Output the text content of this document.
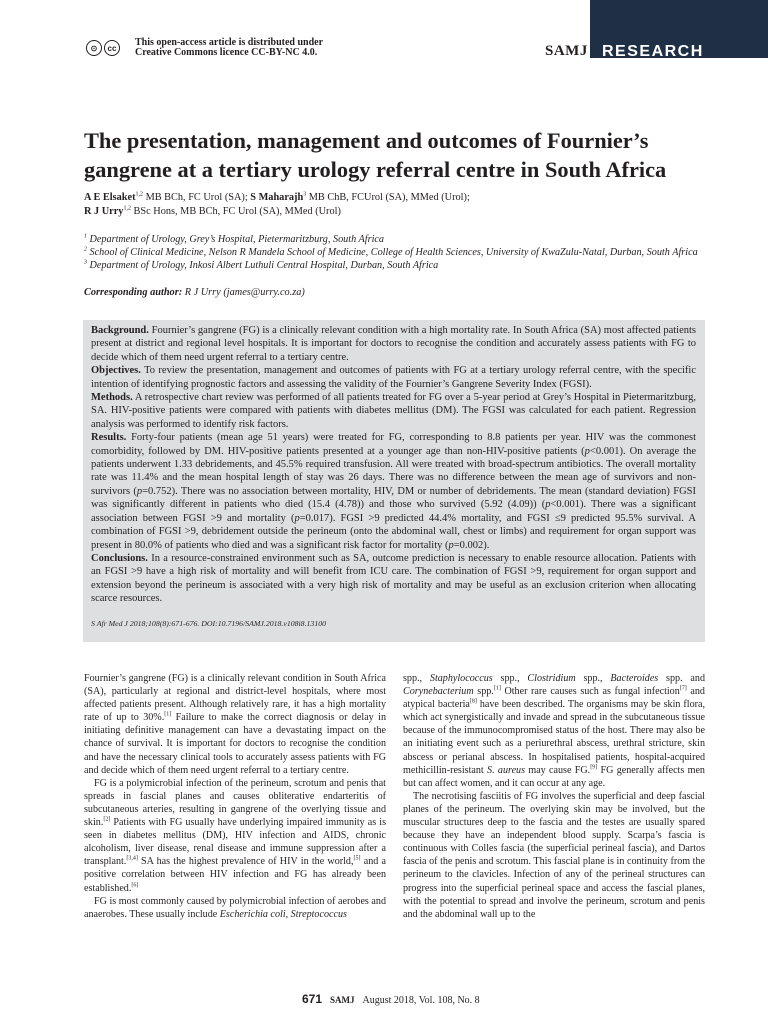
⊙	cc	This open-access article is distributed under
Creative Commons licence CC-BY-NC 4.0.	SAMJ RESEARCH
The presentation, management and outcomes of Fournier’s gangrene at a tertiary urology referral centre in South Africa
A E Elsaket$^{1,2}$ MB BCh, FC Urol (SA); S Maharajh$^3$ MB ChB, FCUrol (SA), MMed (Urol);
R J Urry$^{1,2}$ BSc Hons, MB BCh, FC Urol (SA), MMed (Urol)
$^1$ Department of Urology, Grey’s Hospital, Pietermaritzburg, South Africa
$^2$ School of Clinical Medicine, Nelson R Mandela School of Medicine, College of Health Sciences, University of KwaZulu-Natal, Durban, South Africa
$^3$ Department of Urology, Inkosi Albert Luthuli Central Hospital, Durban, South Africa
Corresponding author: R J Urry (james@urry.co.za)

Background. Fournier’s gangrene (FG) is a clinically relevant condition with a high mortality rate. In South Africa (SA) most affected patients present at district and regional level hospitals. It is important for doctors to recognise the condition and accurately assess patients with FG to decide which of them need urgent referral to a tertiary centre.

Objectives. To review the presentation, management and outcomes of patients with FG at a tertiary urology referral centre, with the specific intention of identifying prognostic factors and assessing the validity of the Fournier’s Gangrene Severity Index (FGSI).

Methods. A retrospective chart review was performed of all patients treated for FG over a 5-year period at Grey’s Hospital in Pietermaritzburg, SA. HIV-positive patients were compared with patients with diabetes mellitus (DM). The FGSI was calculated for each patient. Regression analysis was performed to identify risk factors.

Results. Forty-four patients (mean age 51 years) were treated for FG, corresponding to 8.8 patients per year. HIV was the commonest comorbidity, followed by DM. HIV-positive patients presented at a younger age than non-HIV-positive patients (p<0.001). On average the patients underwent 1.33 debridements, and 45.5% required transfusion. All were treated with broad-spectrum antibiotics. The overall mortality rate was 11.4% and the mean hospital length of stay was 26 days. There was no difference between the mean age of survivors and non-survivors (p=0.752). There was no association between mortality, HIV, DM or number of debridements. The mean (standard deviation) FGSI was significantly different in patients who died (15.4 (4.78)) and those who survived (5.92 (4.09)) (p<0.001). There was a significant association between FGSI >9 and mortality (p=0.017). FGSI >9 predicted 44.4% mortality, and FGSI ≤9 predicted 95.5% survival. A combination of FGSI >9, debridement outside the perineum (onto the abdominal wall, chest or limbs) and requirement for organ support was present in 80.0% of patients who died and was a significant risk factor for mortality (p=0.002).

Conclusions. In a resource-constrained environment such as SA, outcome prediction is necessary to enable resource allocation. Patients with an FGSI >9 have a high risk of mortality and will benefit from ICU care. The combination of FGSI >9, requirement for organ support and extension beyond the perineum is associated with a very high risk of mortality and may be useful as an exclusion criterion when allocating scarce resources.

S Afr Med J 2018;108(8):671-676. DOI:10.7196/SAMJ.2018.v108i8.13100

Fournier’s gangrene (FG) is a clinically relevant condition in South Africa (SA), particularly at regional and district-level hospitals, where most affected patients present. Although relatively rare, it has a high mortality rate of up to 30%.[1] Failure to make the correct diagnosis or delay in initiating definitive management can have a devastating impact on the chance of survival. It is important for doctors to recognise the condition and have the necessary clinical tools to accurately assess patients with FG and decide which of them need urgent referral to a tertiary centre.

FG is a polymicrobial infection of the perineum, scrotum and penis that spreads in fascial planes and causes obliterative endarteritis of subcutaneous arteries, resulting in gangrene of the overlying tissue and skin.[2] Patients with FG usually have underlying impaired immunity as is seen in diabetes mellitus (DM), HIV infection and AIDS, chronic alcoholism, liver disease, renal disease and immune suppression after a transplant.[3,4] SA has the highest prevalence of HIV in the world,[5] and a positive correlation between HIV infection and FG has already been established.[6]

FG is most commonly caused by polymicrobial infection of aerobes and anaerobes. These usually include Escherichia coli, Streptococcus

spp., Staphylococcus spp., Clostridium spp., Bacteroides spp. and Corynebacterium spp.[1] Other rare causes such as fungal infection[7] and atypical bacteria[8] have been described. The organisms may be skin flora, which act synergistically and invade and spread in the subcutaneous tissue because of the immunocompromised status of the host. There may also be an initiating event such as a periurethral abscess, urethral stricture, skin abscess or perianal abscess. In hospitalised patients, hospital-acquired methicillin-resistant S. aureus may cause FG.[9] FG generally affects men but can affect women, and it can occur at any age.

The necrotising fasciitis of FG involves the superficial and deep fascial planes of the perineum. The overlying skin may be involved, but the muscular structures deep to the fascia and the testes are usually spared because they have an independent blood supply. Scarpa’s fascia is continuous with Colles fascia (the superficial perineal fascia), and Dartos fascia of the penis and scrotum. This fascial plane is in continuity from the perineum to the clavicles. Infection of any of the perineal structures can progress into the superficial perineal space and access the fascial planes, with the potential to spread and involve the perineum, scrotum and penis and the abdominal wall up to the

671 SAMJ August 2018, Vol. 108, No. 8
